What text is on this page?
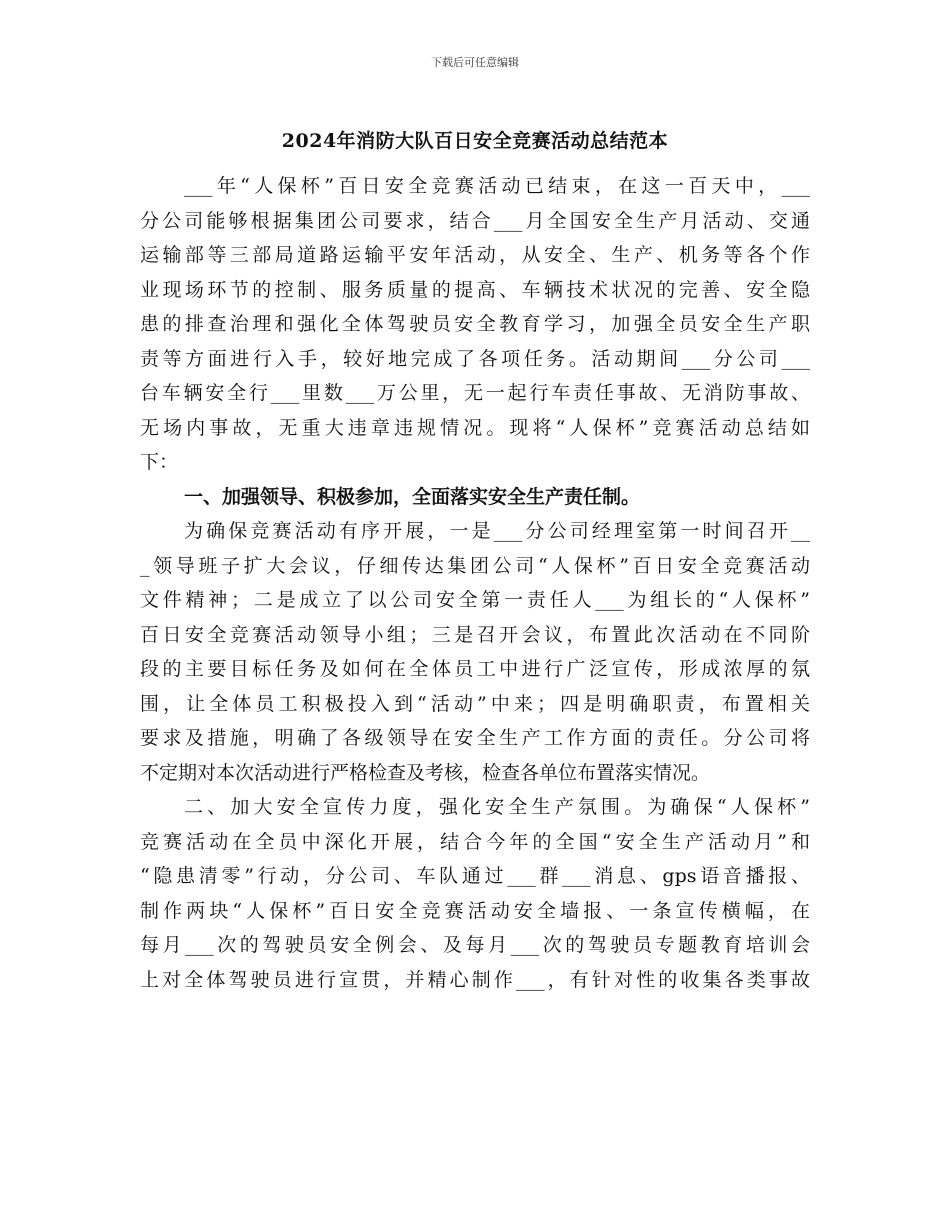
下载后可任意编辑
2024年消防大队百日安全竞赛活动总结范本
___年“人保杯”百日安全竞赛活动已结束，在这一百天中，___
分公司能够根据集团公司要求，结合___月全国安全生产月活动、交通
运输部等三部局道路运输平安年活动，从安全、生产、机务等各个作
业现场环节的控制、服务质量的提高、车辆技术状况的完善、安全隐
患的排查治理和强化全体驾驶员安全教育学习，加强全员安全生产职
责等方面进行入手，较好地完成了各项任务。活动期间___分公司___
台车辆安全行___里数___万公里，无一起行车责任事故、无消防事故、
无场内事故，无重大违章违规情况。现将“人保杯”竞赛活动总结如
下：
一、加强领导、积极参加，全面落实安全生产责任制。
为确保竞赛活动有序开展，一是___分公司经理室第一时间召开__
_领导班子扩大会议，仔细传达集团公司“人保杯”百日安全竞赛活动
文件精神；二是成立了以公司安全第一责任人___为组长的“人保杯”
百日安全竞赛活动领导小组；三是召开会议，布置此次活动在不同阶
段的主要目标任务及如何在全体员工中进行广泛宣传，形成浓厚的氛
围，让全体员工积极投入到“活动”中来；四是明确职责，布置相关
要求及措施，明确了各级领导在安全生产工作方面的责任。分公司将
不定期对本次活动进行严格检查及考核，检查各单位布置落实情况。
二、加大安全宣传力度，强化安全生产氛围。为确保“人保杯”
竞赛活动在全员中深化开展，结合今年的全国“安全生产活动月”和
“隐患清零”行动，分公司、车队通过___群___消息、gps语音播报、
制作两块“人保杯”百日安全竞赛活动安全墙报、一条宣传横幅，在
每月___次的驾驶员安全例会、及每月___次的驾驶员专题教育培训会
上对全体驾驶员进行宣贯，并精心制作___，有针对性的收集各类事故
